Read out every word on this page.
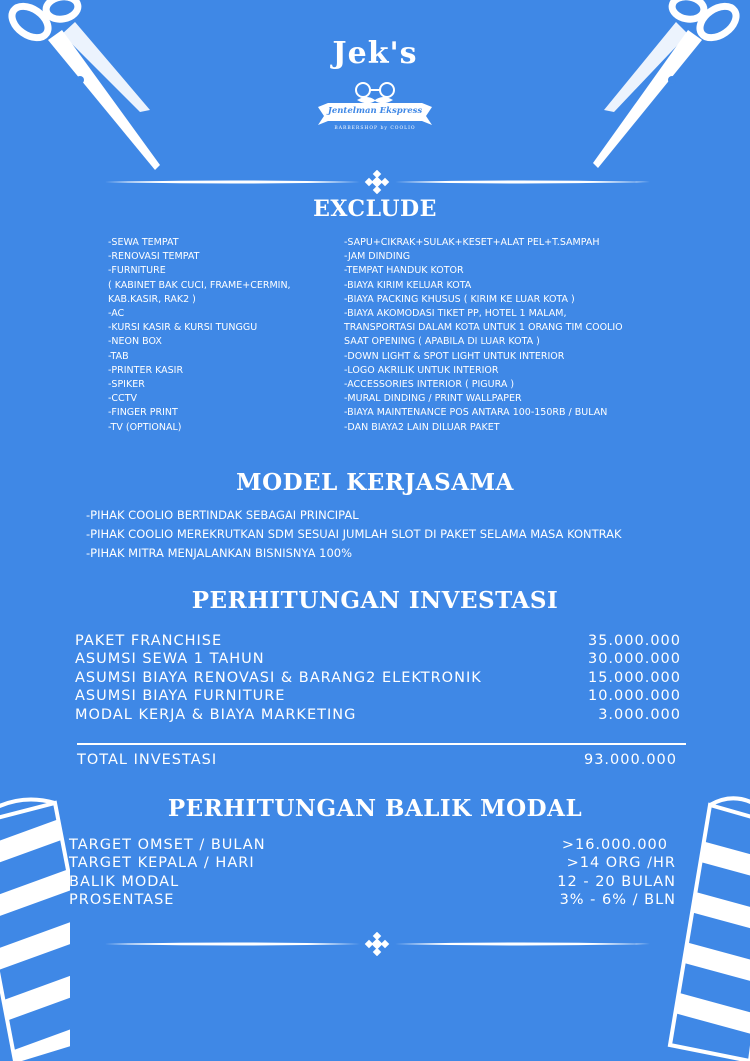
Jek's
Jentelman Ekspress
BARBERSHOP by COOLIO
EXCLUDE
-SEWA TEMPAT
-RENOVASI TEMPAT
-FURNITURE
( KABINET BAK CUCI, FRAME+CERMIN,
KAB.KASIR, RAK2 )
-AC
-KURSI KASIR & KURSI TUNGGU
-NEON BOX
-TAB
-PRINTER KASIR
-SPIKER
-CCTV
-FINGER PRINT
-TV (OPTIONAL)
-SAPU+CIKRAK+SULAK+KESET+ALAT PEL+T.SAMPAH
-JAM DINDING
-TEMPAT HANDUK KOTOR
-BIAYA KIRIM KELUAR KOTA
-BIAYA PACKING KHUSUS ( KIRIM KE LUAR KOTA )
-BIAYA AKOMODASI TIKET PP, HOTEL 1 MALAM,
TRANSPORTASI DALAM KOTA UNTUK 1 ORANG TIM COOLIO
SAAT OPENING ( APABILA DI LUAR KOTA )
-DOWN LIGHT & SPOT LIGHT UNTUK INTERIOR
-LOGO AKRILIK UNTUK INTERIOR
-ACCESSORIES INTERIOR ( PIGURA )
-MURAL DINDING / PRINT WALLPAPER
-BIAYA MAINTENANCE POS ANTARA 100-150RB / BULAN
-DAN BIAYA2 LAIN DILUAR PAKET
MODEL KERJASAMA
-PIHAK COOLIO BERTINDAK SEBAGAI PRINCIPAL
-PIHAK COOLIO MEREKRUTKAN SDM SESUAI JUMLAH SLOT DI PAKET SELAMA MASA KONTRAK
-PIHAK MITRA MENJALANKAN BISNISNYA 100%
PERHITUNGAN INVESTASI
PAKET FRANCHISE	35.000.000
ASUMSI SEWA 1 TAHUN	30.000.000
ASUMSI BIAYA RENOVASI & BARANG2 ELEKTRONIK	15.000.000
ASUMSI BIAYA FURNITURE	10.000.000
MODAL KERJA & BIAYA MARKETING	3.000.000
TOTAL INVESTASI	93.000.000
PERHITUNGAN BALIK MODAL
TARGET OMSET / BULAN	>16.000.000
TARGET KEPALA / HARI	>14 ORG /HR
BALIK MODAL	12 - 20 BULAN
PROSENTASE	3% - 6% / BLN
